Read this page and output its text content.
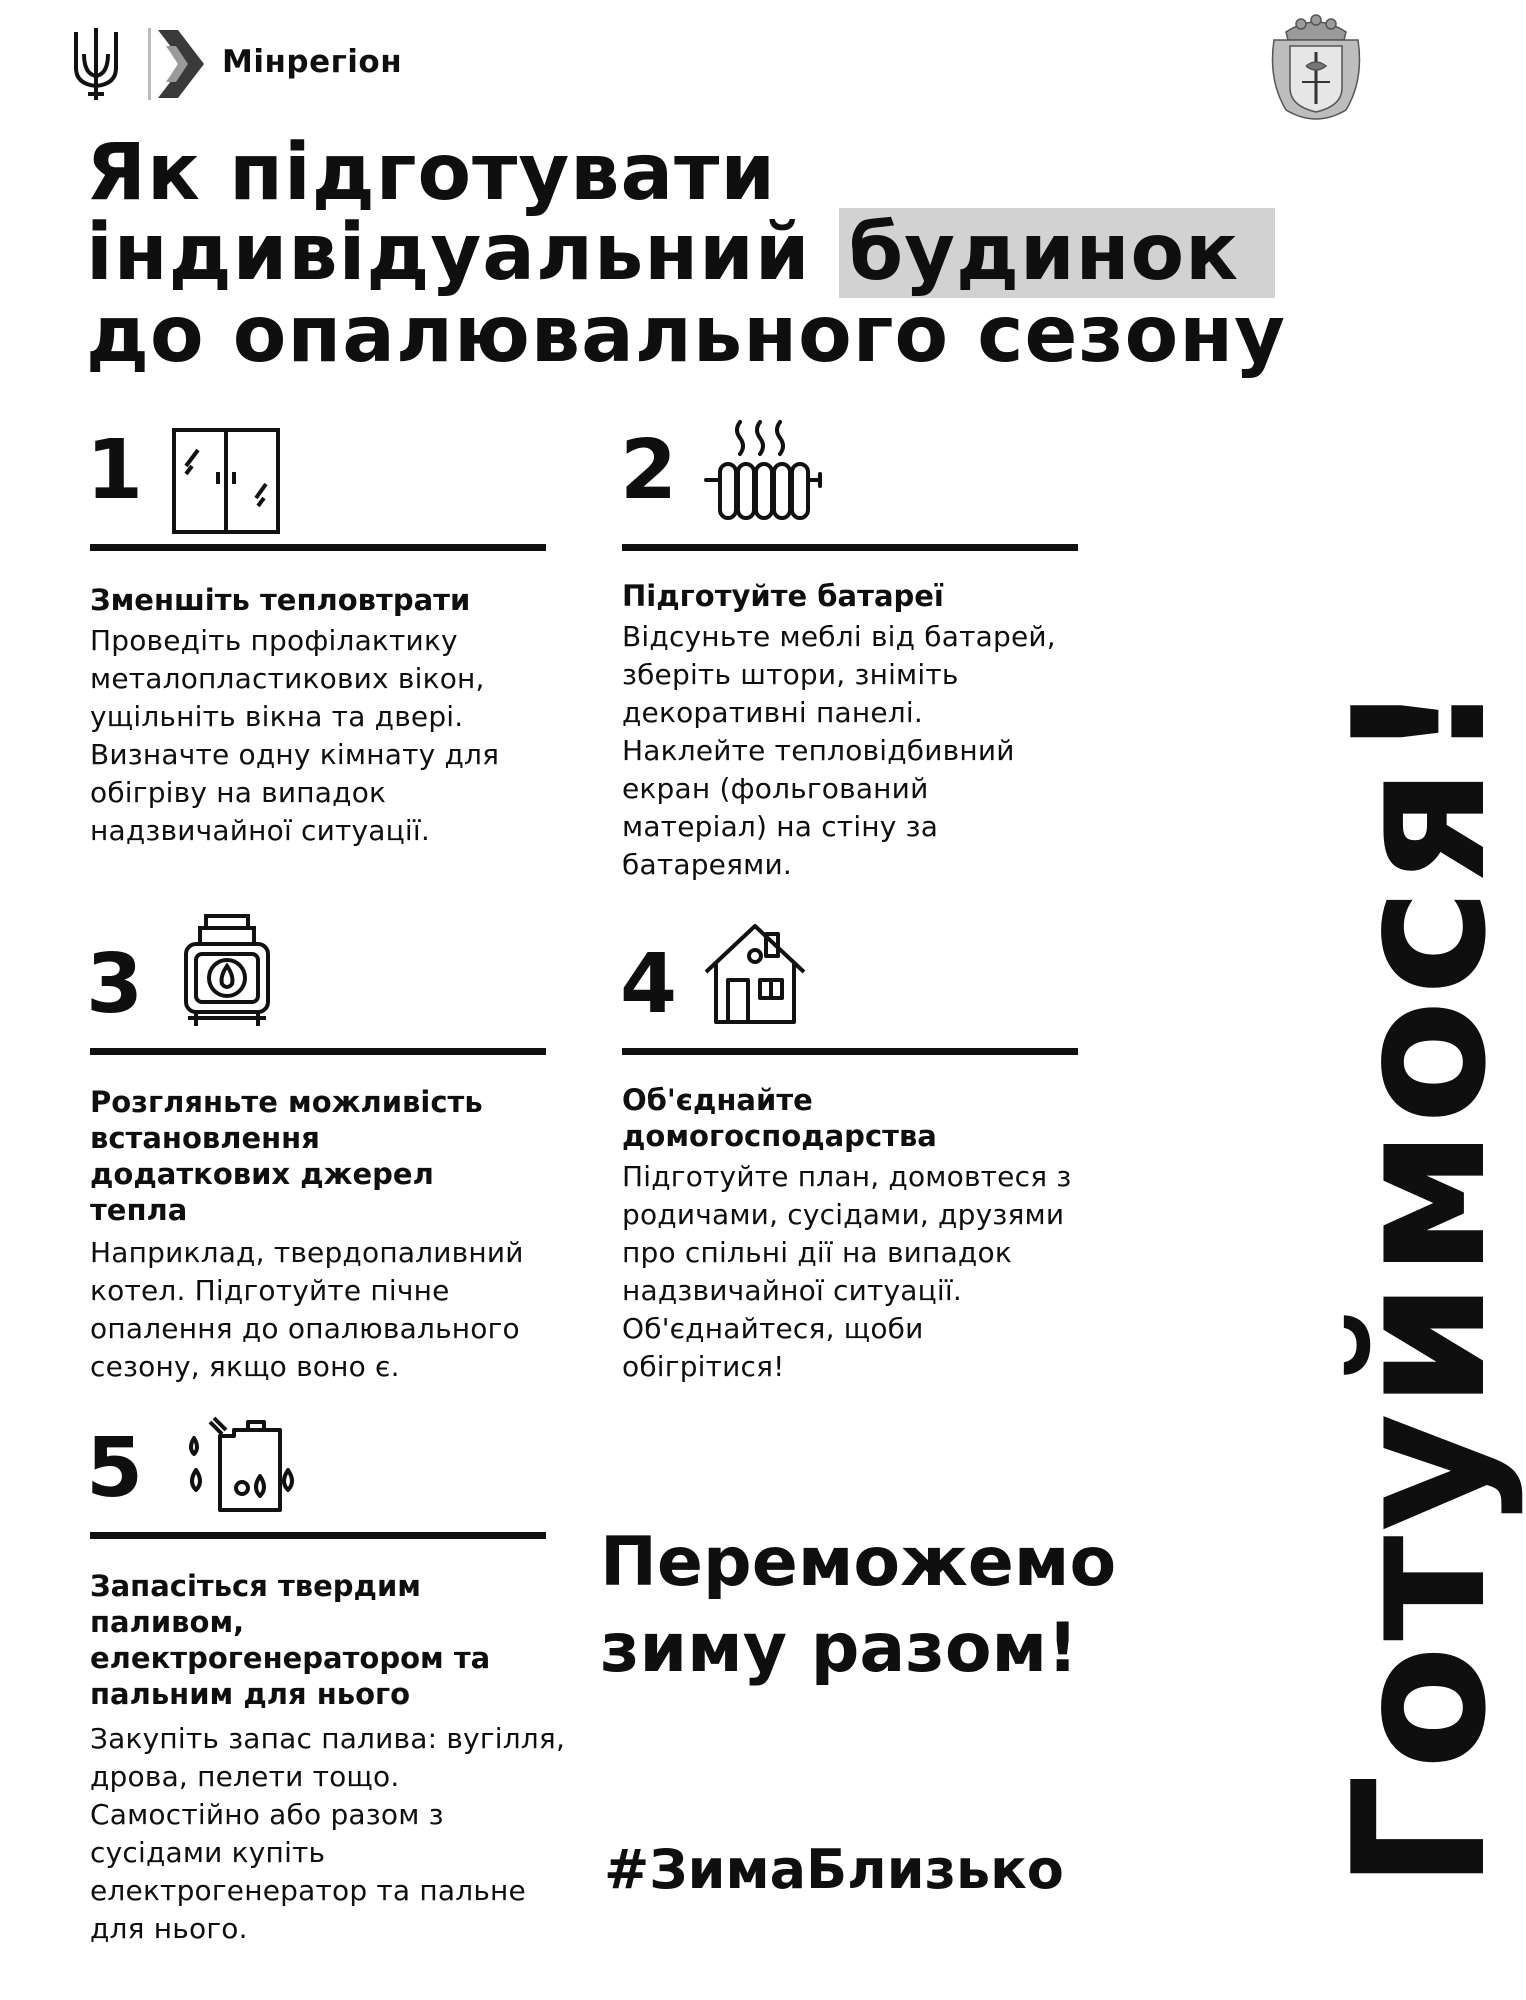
Мінрегіон
Як підготувати
індивідуальний будинок
до опалювального сезону
1
Зменшіть тепловтрати
Проведіть профілактику металопластикових вікон, ущільніть вікна та двері. Визначте одну кімнату для обігріву на випадок надзвичайної ситуації.
2
Підготуйте батареї
Відсуньте меблі від батарей, зберіть штори, зніміть декоративні панелі. Наклейте тепловідбивний екран (фольгований матеріал) на стіну за батареями.
3
Розгляньте можливість встановлення додаткових джерел тепла
Наприклад, твердопаливний котел. Підготуйте пічне опалення до опалювального сезону, якщо воно є.
4
Об'єднайте домогосподарства
Підготуйте план, домовтеся з родичами, сусідами, друзями про спільні дії на випадок надзвичайної ситуації. Об'єднайтеся, щоби обігрітися!
5
Запасіться твердим паливом, електрогенератором та пальним для нього
Закупіть запас палива: вугілля, дрова, пелети тощо. Самостійно або разом з сусідами купіть електрогенератор та пальне для нього.
Готуймося!
Переможемо
зиму разом!
#ЗимаБлизько
